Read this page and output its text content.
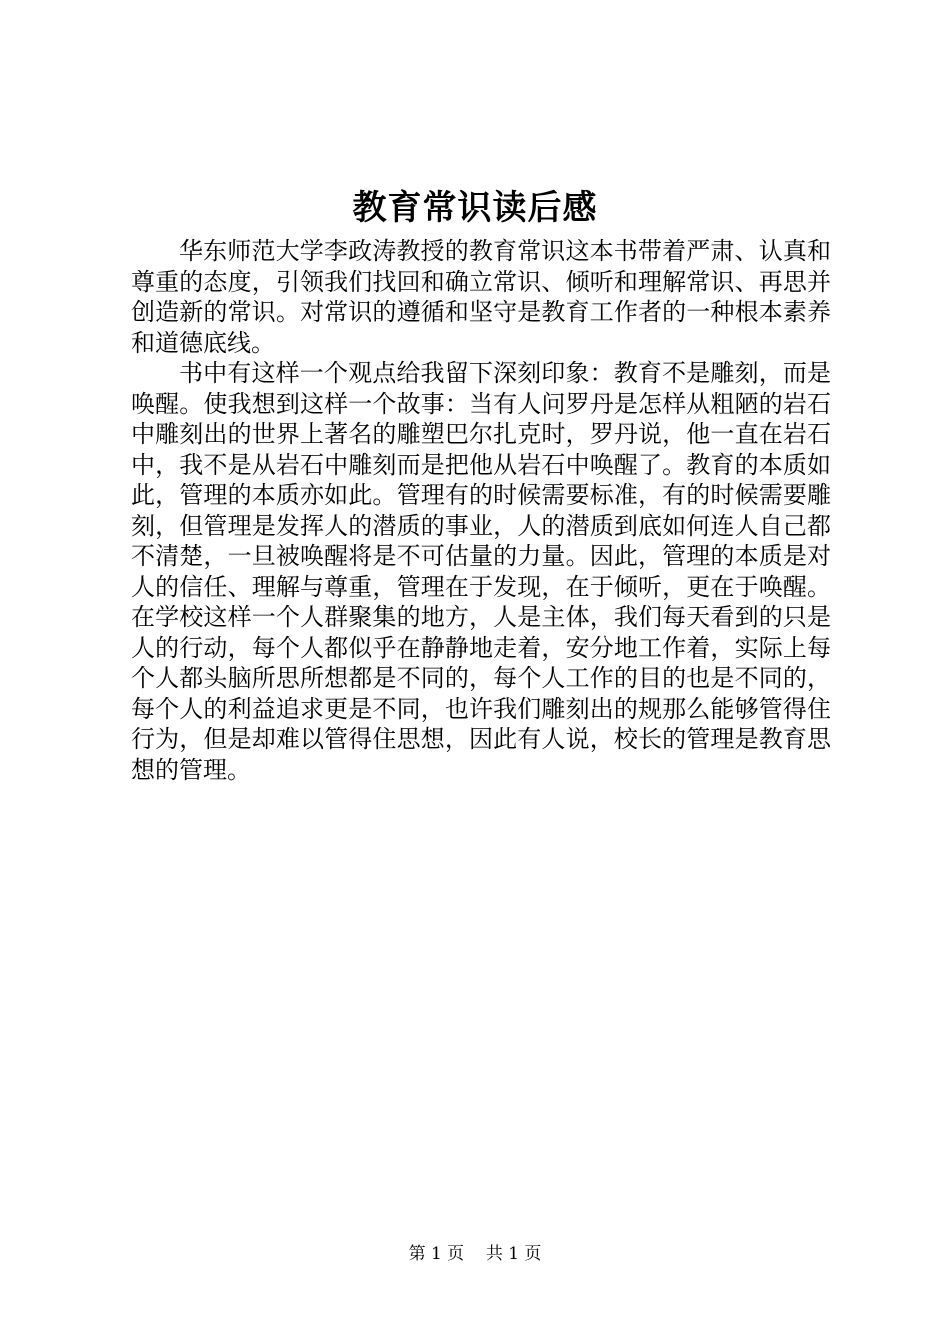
教育常识读后感

华东师范大学李政涛教授的教育常识这本书带着严肃、认真和尊重的态度，引领我们找回和确立常识、倾听和理解常识、再思并创造新的常识。对常识的遵循和坚守是教育工作者的一种根本素养和道德底线。

书中有这样一个观点给我留下深刻印象：教育不是雕刻，而是唤醒。使我想到这样一个故事：当有人问罗丹是怎样从粗陋的岩石中雕刻出的世界上著名的雕塑巴尔扎克时，罗丹说，他一直在岩石中，我不是从岩石中雕刻而是把他从岩石中唤醒了。教育的本质如此，管理的本质亦如此。管理有的时候需要标准，有的时候需要雕刻，但管理是发挥人的潜质的事业，人的潜质到底如何连人自己都不清楚，一旦被唤醒将是不可估量的力量。因此，管理的本质是对人的信任、理解与尊重，管理在于发现，在于倾听，更在于唤醒。在学校这样一个人群聚集的地方，人是主体，我们每天看到的只是人的行动，每个人都似乎在静静地走着，安分地工作着，实际上每个人都头脑所思所想都是不同的，每个人工作的目的也是不同的，每个人的利益追求更是不同，也许我们雕刻出的规那么能够管得住行为，但是却难以管得住思想，因此有人说，校长的管理是教育思想的管理。

第 1 页 共 1 页
